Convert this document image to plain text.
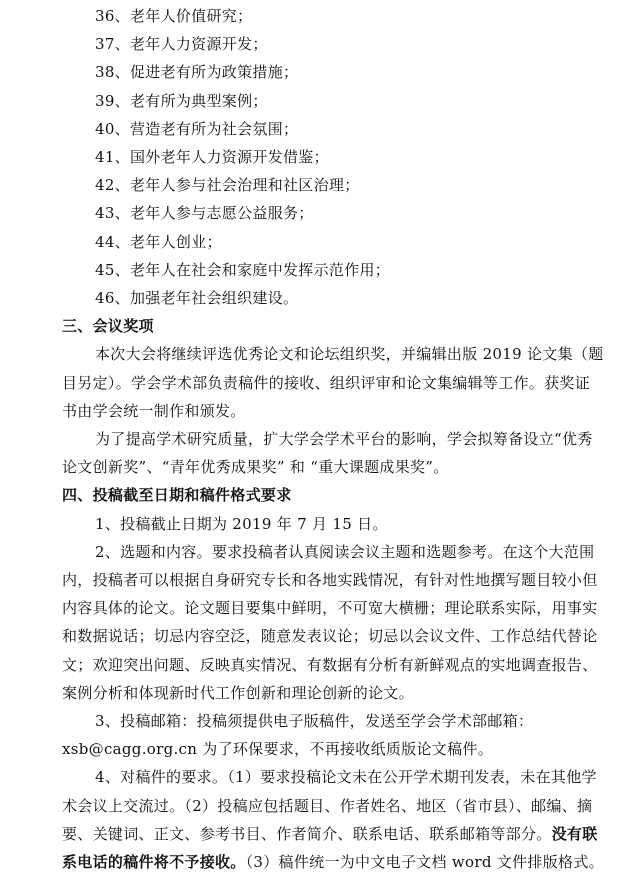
36、老年人价值研究；
37、老年人力资源开发；
38、促进老有所为政策措施；
39、老有所为典型案例；
40、营造老有所为社会氛围；
41、国外老年人力资源开发借鉴；
42、老年人参与社会治理和社区治理；
43、老年人参与志愿公益服务；
44、老年人创业；
45、老年人在社会和家庭中发挥示范作用；
46、加强老年社会组织建设。
三、会议奖项
本次大会将继续评选优秀论文和论坛组织奖，并编辑出版 2019 论文集（题
目另定）。学会学术部负责稿件的接收、组织评审和论文集编辑等工作。获奖证
书由学会统一制作和颁发。
为了提高学术研究质量，扩大学会学术平台的影响，学会拟筹备设立“优秀
论文创新奖”、“青年优秀成果奖” 和 “重大课题成果奖”。
四、投稿截至日期和稿件格式要求
1、投稿截止日期为 2019 年 7 月 15 日。
2、选题和内容。要求投稿者认真阅读会议主题和选题参考。在这个大范围
内，投稿者可以根据自身研究专长和各地实践情况，有针对性地撰写题目较小但
内容具体的论文。论文题目要集中鲜明，不可宽大横栅；理论联系实际，用事实
和数据说话；切忌内容空泛，随意发表议论；切忌以会议文件、工作总结代替论
文；欢迎突出问题、反映真实情况、有数据有分析有新鲜观点的实地调查报告、
案例分析和体现新时代工作创新和理论创新的论文。
3、投稿邮箱：投稿须提供电子版稿件，发送至学会学术部邮箱：
xsb@cagg.org.cn 为了环保要求，不再接收纸质版论文稿件。
4、对稿件的要求。（1）要求投稿论文未在公开学术期刊发表，未在其他学
术会议上交流过。（2）投稿应包括题目、作者姓名、地区（省市县）、邮编、摘
要、关键词、正文、参考书目、作者简介、联系电话、联系邮箱等部分。没有联
系电话的稿件将不予接收。（3）稿件统一为中文电子文档 word 文件排版格式。
